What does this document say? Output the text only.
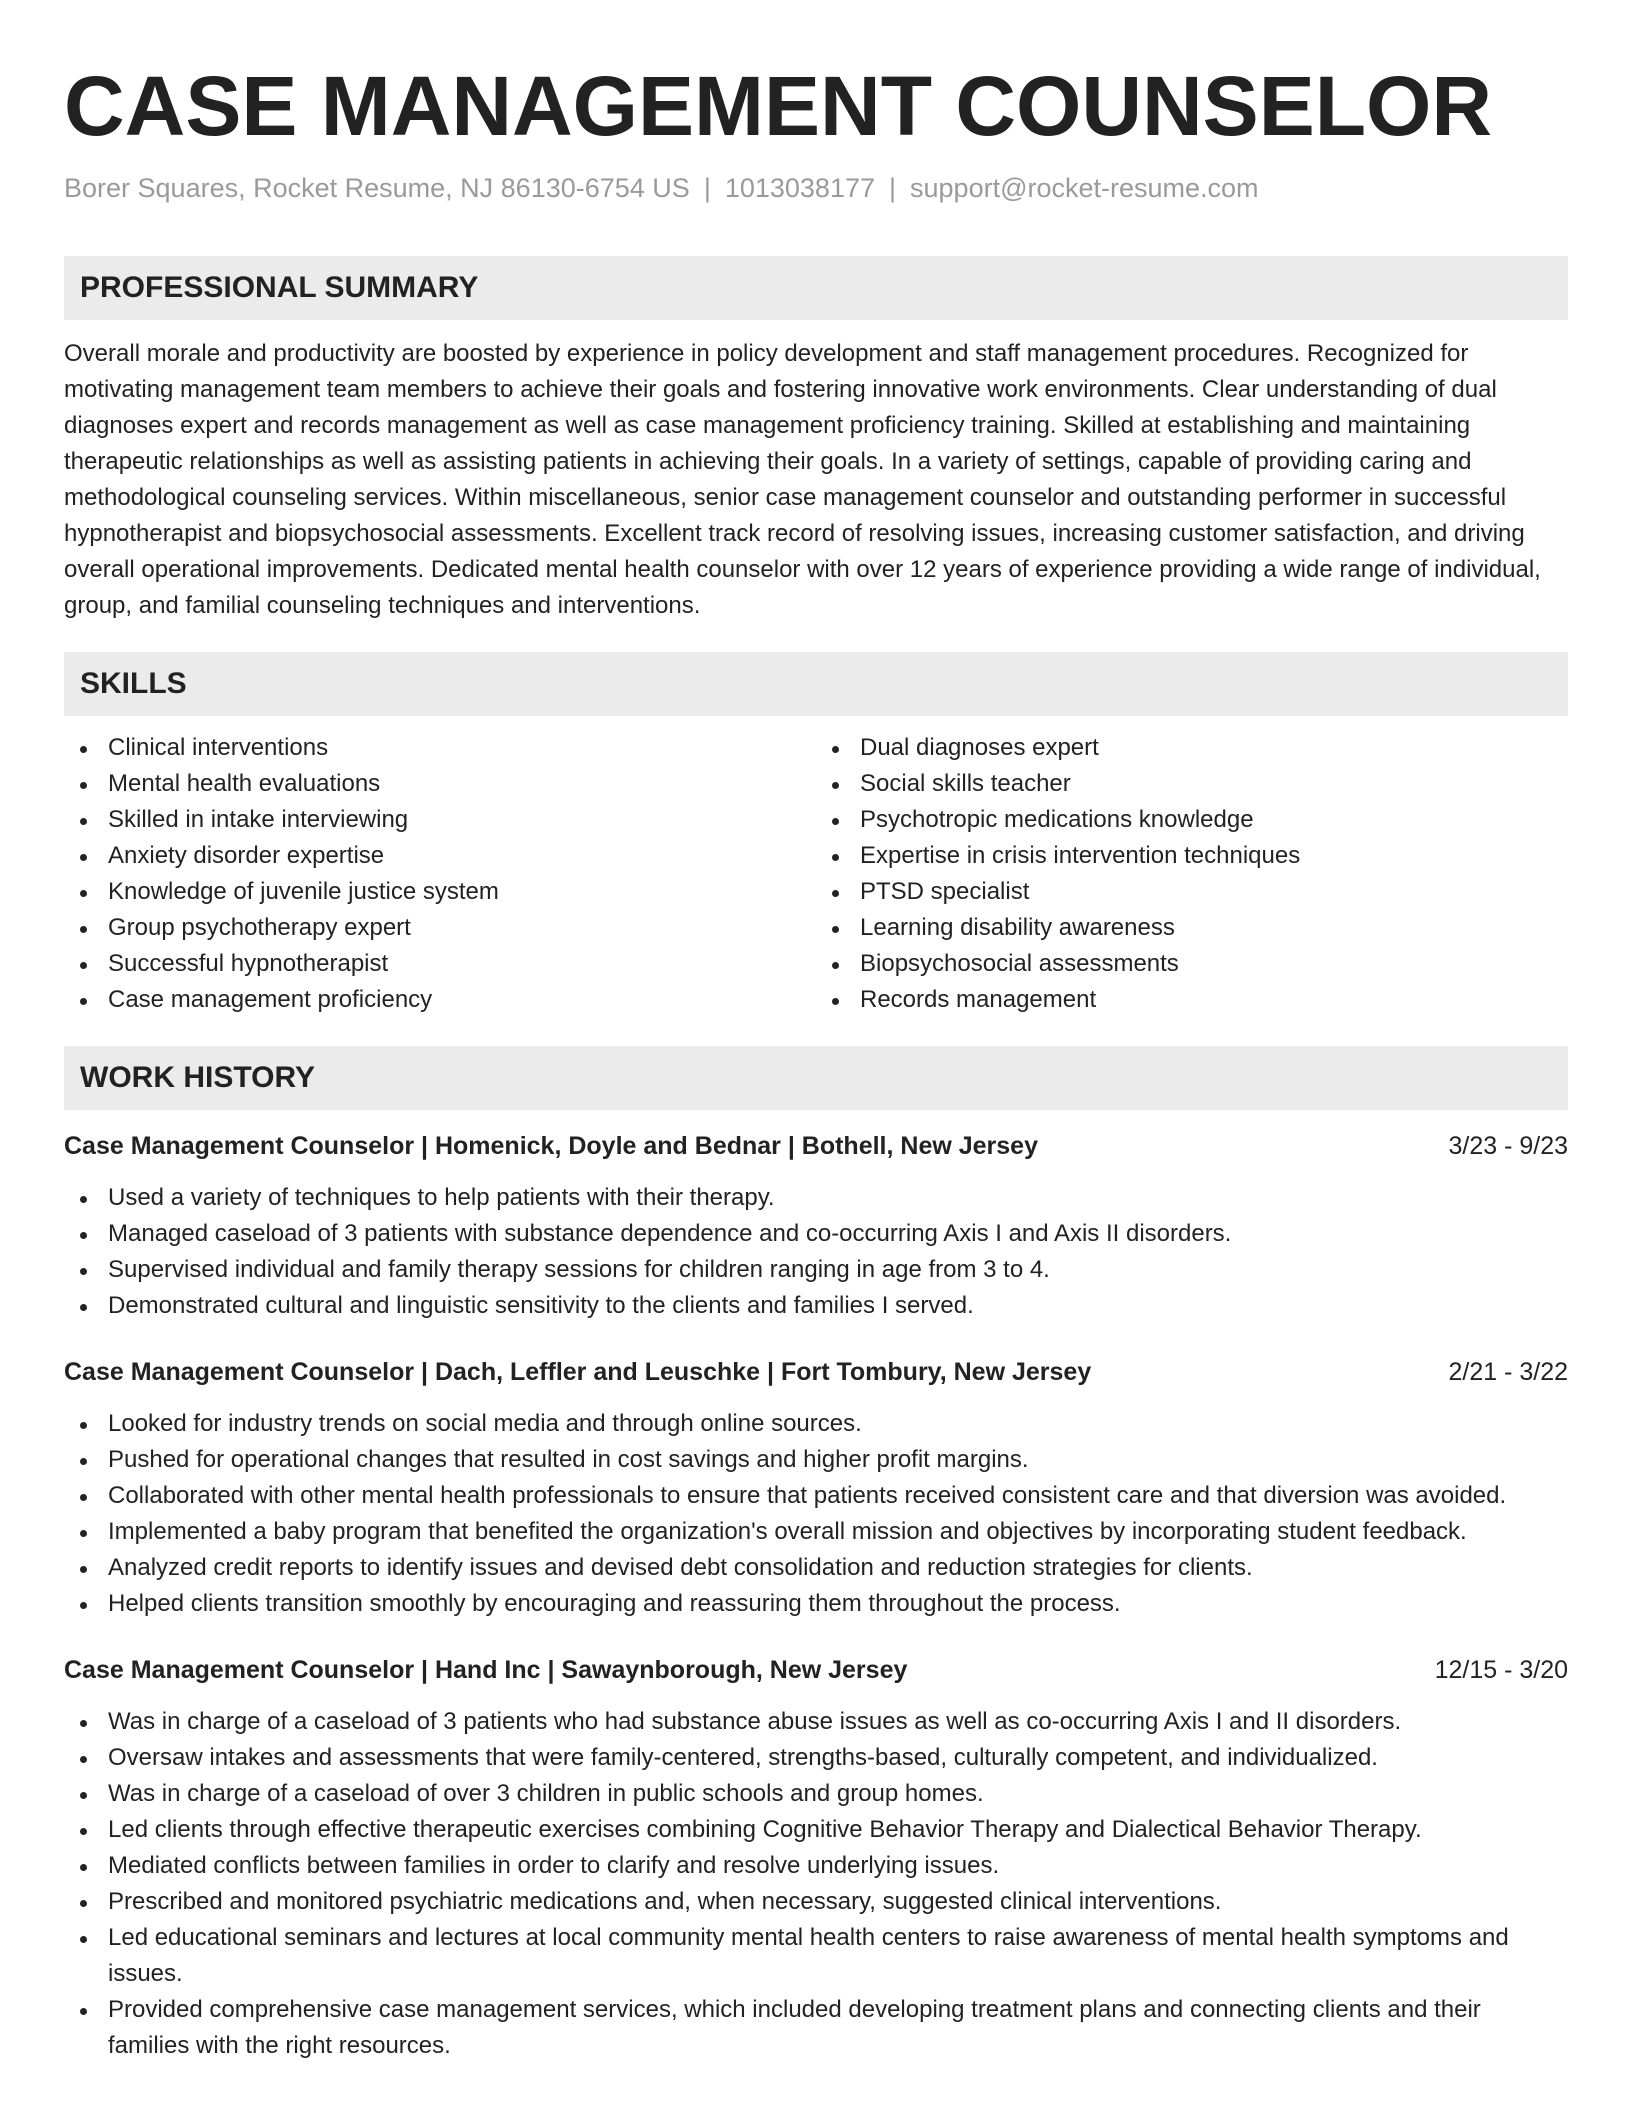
CASE MANAGEMENT COUNSELOR
Borer Squares, Rocket Resume, NJ 86130-6754 US | 1013038177 | support@rocket-resume.com
PROFESSIONAL SUMMARY

Overall morale and productivity are boosted by experience in policy development and staff management procedures. Recognized for motivating management team members to achieve their goals and fostering innovative work environments. Clear understanding of dual diagnoses expert and records management as well as case management proficiency training. Skilled at establishing and maintaining therapeutic relationships as well as assisting patients in achieving their goals. In a variety of settings, capable of providing caring and methodological counseling services. Within miscellaneous, senior case management counselor and outstanding performer in successful hypnotherapist and biopsychosocial assessments. Excellent track record of resolving issues, increasing customer satisfaction, and driving overall operational improvements. Dedicated mental health counselor with over 12 years of experience providing a wide range of individual, group, and familial counseling techniques and interventions.

SKILLS
Clinical interventions
Mental health evaluations
Skilled in intake interviewing
Anxiety disorder expertise
Knowledge of juvenile justice system
Group psychotherapy expert
Successful hypnotherapist
Case management proficiency
Dual diagnoses expert
Social skills teacher
Psychotropic medications knowledge
Expertise in crisis intervention techniques
PTSD specialist
Learning disability awareness
Biopsychosocial assessments
Records management
WORK HISTORY
Case Management Counselor | Homenick, Doyle and Bednar | Bothell, New Jersey	3/23 - 9/23
Used a variety of techniques to help patients with their therapy.
Managed caseload of 3 patients with substance dependence and co-occurring Axis I and Axis II disorders.
Supervised individual and family therapy sessions for children ranging in age from 3 to 4.
Demonstrated cultural and linguistic sensitivity to the clients and families I served.
Case Management Counselor | Dach, Leffler and Leuschke | Fort Tombury, New Jersey	2/21 - 3/22
Looked for industry trends on social media and through online sources.
Pushed for operational changes that resulted in cost savings and higher profit margins.
Collaborated with other mental health professionals to ensure that patients received consistent care and that diversion was avoided.
Implemented a baby program that benefited the organization's overall mission and objectives by incorporating student feedback.
Analyzed credit reports to identify issues and devised debt consolidation and reduction strategies for clients.
Helped clients transition smoothly by encouraging and reassuring them throughout the process.
Case Management Counselor | Hand Inc | Sawaynborough, New Jersey	12/15 - 3/20
Was in charge of a caseload of 3 patients who had substance abuse issues as well as co-occurring Axis I and II disorders.
Oversaw intakes and assessments that were family-centered, strengths-based, culturally competent, and individualized.
Was in charge of a caseload of over 3 children in public schools and group homes.
Led clients through effective therapeutic exercises combining Cognitive Behavior Therapy and Dialectical Behavior Therapy.
Mediated conflicts between families in order to clarify and resolve underlying issues.
Prescribed and monitored psychiatric medications and, when necessary, suggested clinical interventions.
Led educational seminars and lectures at local community mental health centers to raise awareness of mental health symptoms and issues.
Provided comprehensive case management services, which included developing treatment plans and connecting clients and their families with the right resources.
